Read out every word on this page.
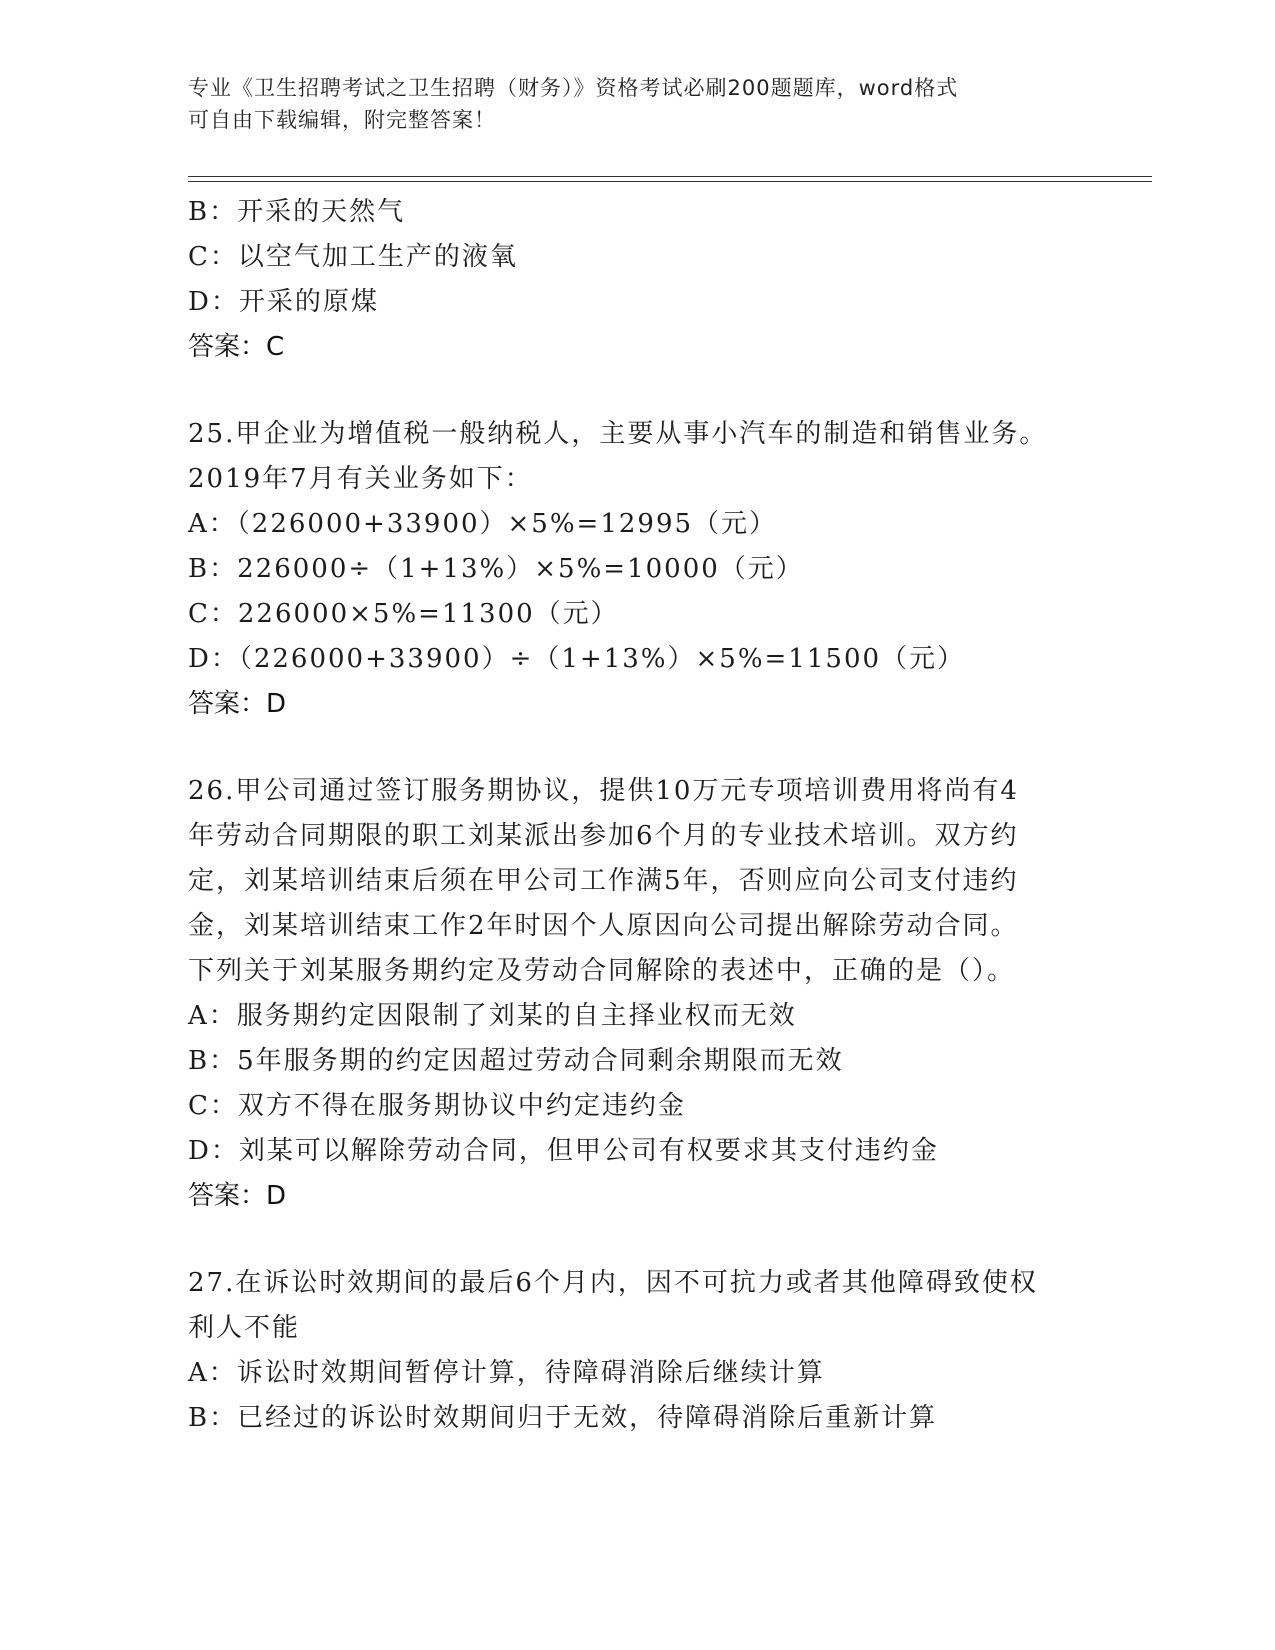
专业《卫生招聘考试之卫生招聘（财务）》资格考试必刷200题题库，word格式
可自由下载编辑，附完整答案！
B：开采的天然气
C：以空气加工生产的液氧
D：开采的原煤
答案：C
25.甲企业为增值税一般纳税人，主要从事小汽车的制造和销售业务。
2019年7月有关业务如下：
A：（226000+33900）×5%=12995（元）
B：226000÷（1+13%）×5%=10000（元）
C：226000×5%=11300（元）
D：（226000+33900）÷（1+13%）×5%=11500（元）
答案：D
26.甲公司通过签订服务期协议，提供10万元专项培训费用将尚有4
年劳动合同期限的职工刘某派出参加6个月的专业技术培训。双方约
定，刘某培训结束后须在甲公司工作满5年，否则应向公司支付违约
金，刘某培训结束工作2年时因个人原因向公司提出解除劳动合同。
下列关于刘某服务期约定及劳动合同解除的表述中，正确的是（）。
A：服务期约定因限制了刘某的自主择业权而无效
B：5年服务期的约定因超过劳动合同剩余期限而无效
C：双方不得在服务期协议中约定违约金
D：刘某可以解除劳动合同，但甲公司有权要求其支付违约金
答案：D
27.在诉讼时效期间的最后6个月内，因不可抗力或者其他障碍致使权
利人不能
A：诉讼时效期间暂停计算，待障碍消除后继续计算
B：已经过的诉讼时效期间归于无效，待障碍消除后重新计算
